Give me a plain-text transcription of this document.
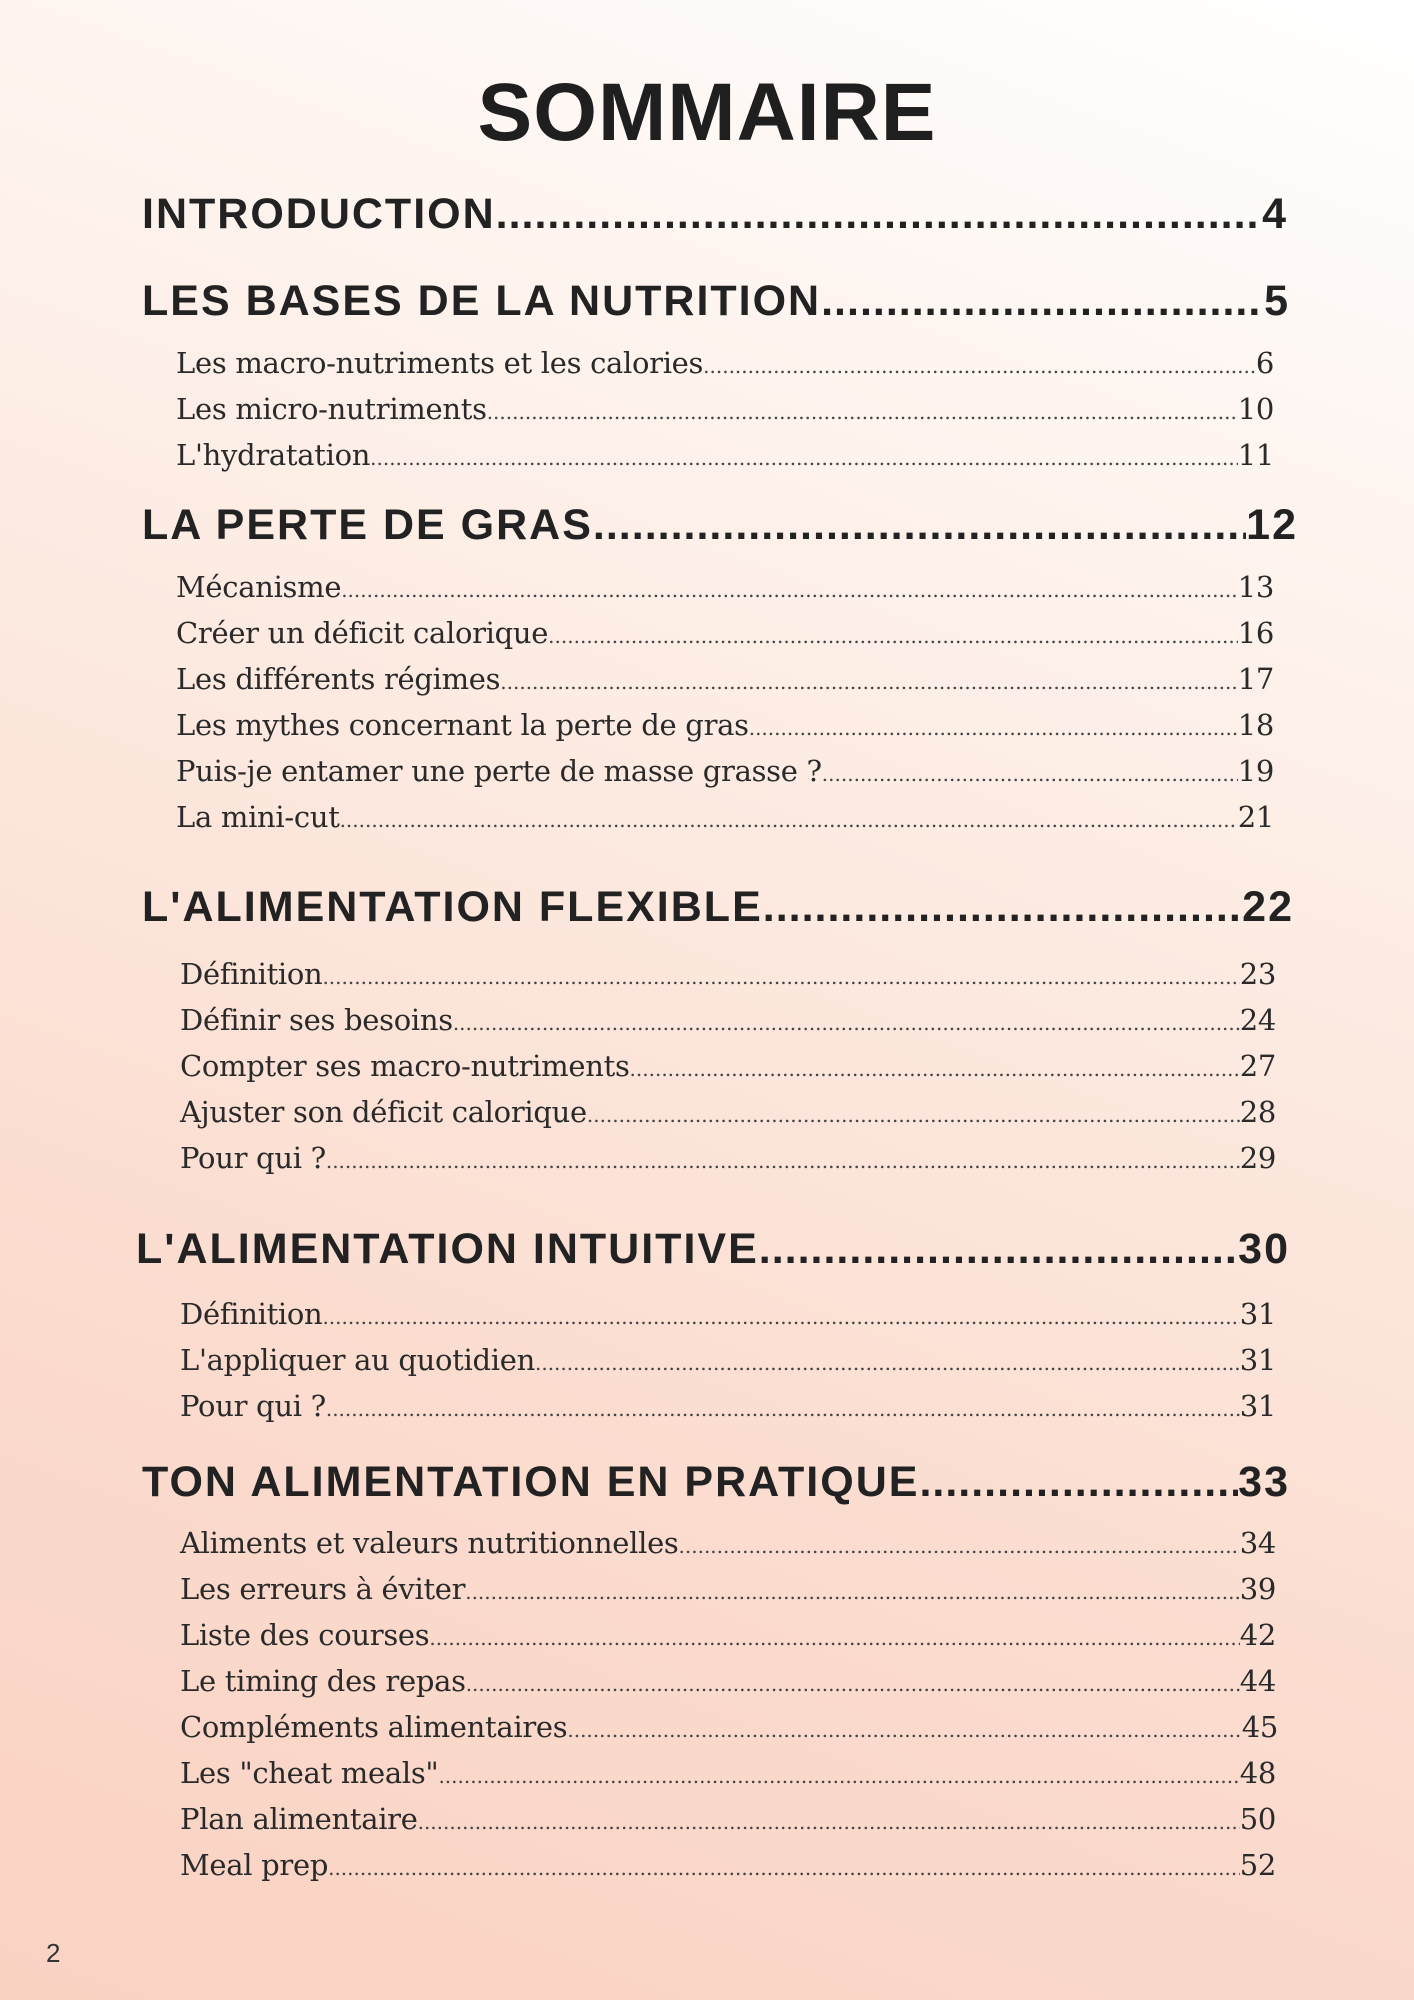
SOMMAIRE
INTRODUCTION .....	4
LES BASES DE LA NUTRITION .....	5
Les macro-nutriments et les calories .....	6
Les micro-nutriments .....	10
L'hydratation .....	11
LA PERTE DE GRAS .....	12
Mécanisme .....	13
Créer un déficit calorique .....	16
Les différents régimes .....	17
Les mythes concernant la perte de gras .....	18
Puis-je entamer une perte de masse grasse ? .....	19
La mini-cut .....	21
L'ALIMENTATION FLEXIBLE .....	22
Définition .....	23
Définir ses besoins .....	24
Compter ses macro-nutriments .....	27
Ajuster son déficit calorique .....	28
Pour qui ? .....	29
L'ALIMENTATION INTUITIVE .....	30
Définition .....	31
L'appliquer au quotidien .....	31
Pour qui ? .....	31
TON ALIMENTATION EN PRATIQUE .....	33
Aliments et valeurs nutritionnelles .....	34
Les erreurs à éviter .....	39
Liste des courses .....	42
Le timing des repas .....	44
Compléments alimentaires .....	45
Les "cheat meals" .....	48
Plan alimentaire .....	50
Meal prep .....	52
2
